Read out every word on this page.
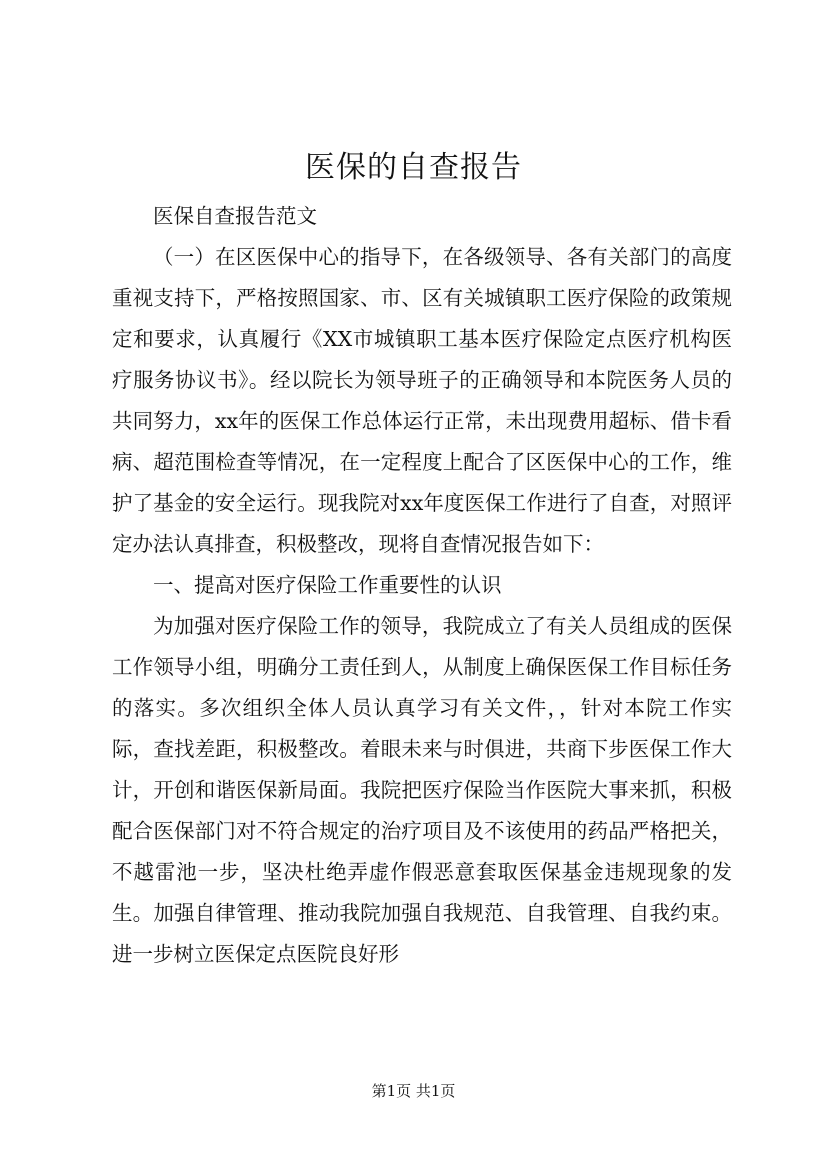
医保的自查报告

医保自查报告范文

（一）在区医保中心的指导下，在各级领导、各有关部门的高度重视支持下，严格按照国家、市、区有关城镇职工医疗保险的政策规定和要求，认真履行《XX市城镇职工基本医疗保险定点医疗机构医疗服务协议书》。经以院长为领导班子的正确领导和本院医务人员的共同努力，xx年的医保工作总体运行正常，未出现费用超标、借卡看病、超范围检查等情况，在一定程度上配合了区医保中心的工作，维护了基金的安全运行。现我院对xx年度医保工作进行了自查，对照评定办法认真排查，积极整改，现将自查情况报告如下：

一、提高对医疗保险工作重要性的认识

为加强对医疗保险工作的领导，我院成立了有关人员组成的医保工作领导小组，明确分工责任到人，从制度上确保医保工作目标任务的落实。多次组织全体人员认真学习有关文件，，针对本院工作实际，查找差距，积极整改。着眼未来与时俱进，共商下步医保工作大计，开创和谐医保新局面。我院把医疗保险当作医院大事来抓，积极配合医保部门对不符合规定的治疗项目及不该使用的药品严格把关，不越雷池一步，坚决杜绝弄虚作假恶意套取医保基金违规现象的发生。加强自律管理、推动我院加强自我规范、自我管理、自我约束。进一步树立医保定点医院良好形

第1页 共1页
